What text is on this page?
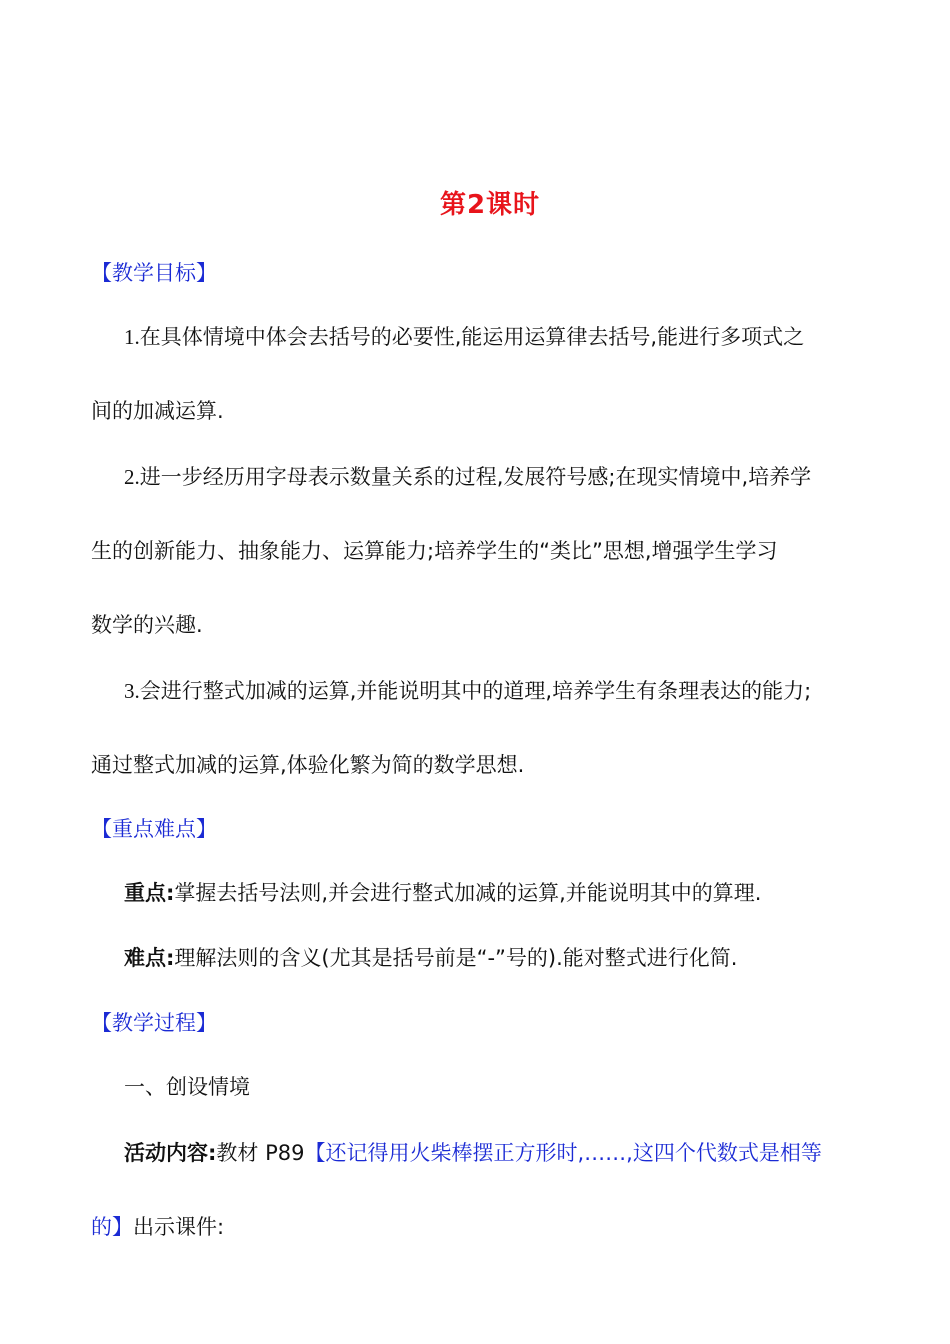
第2课时
【教学目标】
1.在具体情境中体会去括号的必要性,能运用运算律去括号,能进行多项式之
间的加减运算.
2.进一步经历用字母表示数量关系的过程,发展符号感;在现实情境中,培养学
生的创新能力、抽象能力、运算能力;培养学生的“类比”思想,增强学生学习
数学的兴趣.
3.会进行整式加减的运算,并能说明其中的道理,培养学生有条理表达的能力;
通过整式加减的运算,体验化繁为简的数学思想.
【重点难点】
重点:掌握去括号法则,并会进行整式加减的运算,并能说明其中的算理.
难点:理解法则的含义(尤其是括号前是“-”号的).能对整式进行化简.
【教学过程】
一、创设情境
活动内容:教材 P89【还记得用火柴棒摆正方形时,……,这四个代数式是相等
的】出示课件:
